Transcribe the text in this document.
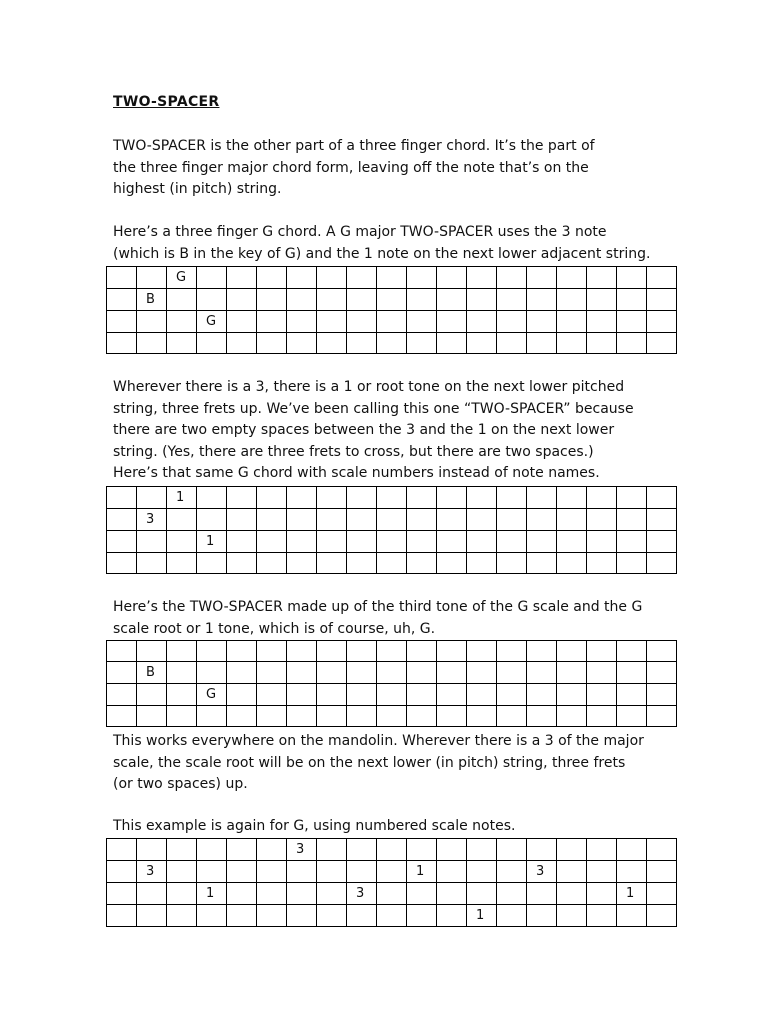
TWO-SPACER

TWO-SPACER is the other part of a three finger chord. It’s the part of

the three finger major chord form, leaving off the note that’s on the

highest (in pitch) string.

Here’s a three finger G chord. A G major TWO-SPACER uses the 3 note

(which is B in the key of G) and the 1 note on the next lower adjacent string.

		G																
	B																	
			G															

Wherever there is a 3, there is a 1 or root tone on the next lower pitched

string, three frets up. We’ve been calling this one “TWO-SPACER” because

there are two empty spaces between the 3 and the 1 on the next lower

string. (Yes, there are three frets to cross, but there are two spaces.)

Here’s that same G chord with scale numbers instead of note names.

		1																
	3																	
			1															

Here’s the TWO-SPACER made up of the third tone of the G scale and the G

scale root or 1 tone, which is of course, uh, G.

	B																	
			G															

This works everywhere on the mandolin. Wherever there is a 3 of the major

scale, the scale root will be on the next lower (in pitch) string, three frets

(or two spaces) up.

This example is again for G, using numbered scale notes.

						3												
	3									1				3				
			1					3									1	
												1						
